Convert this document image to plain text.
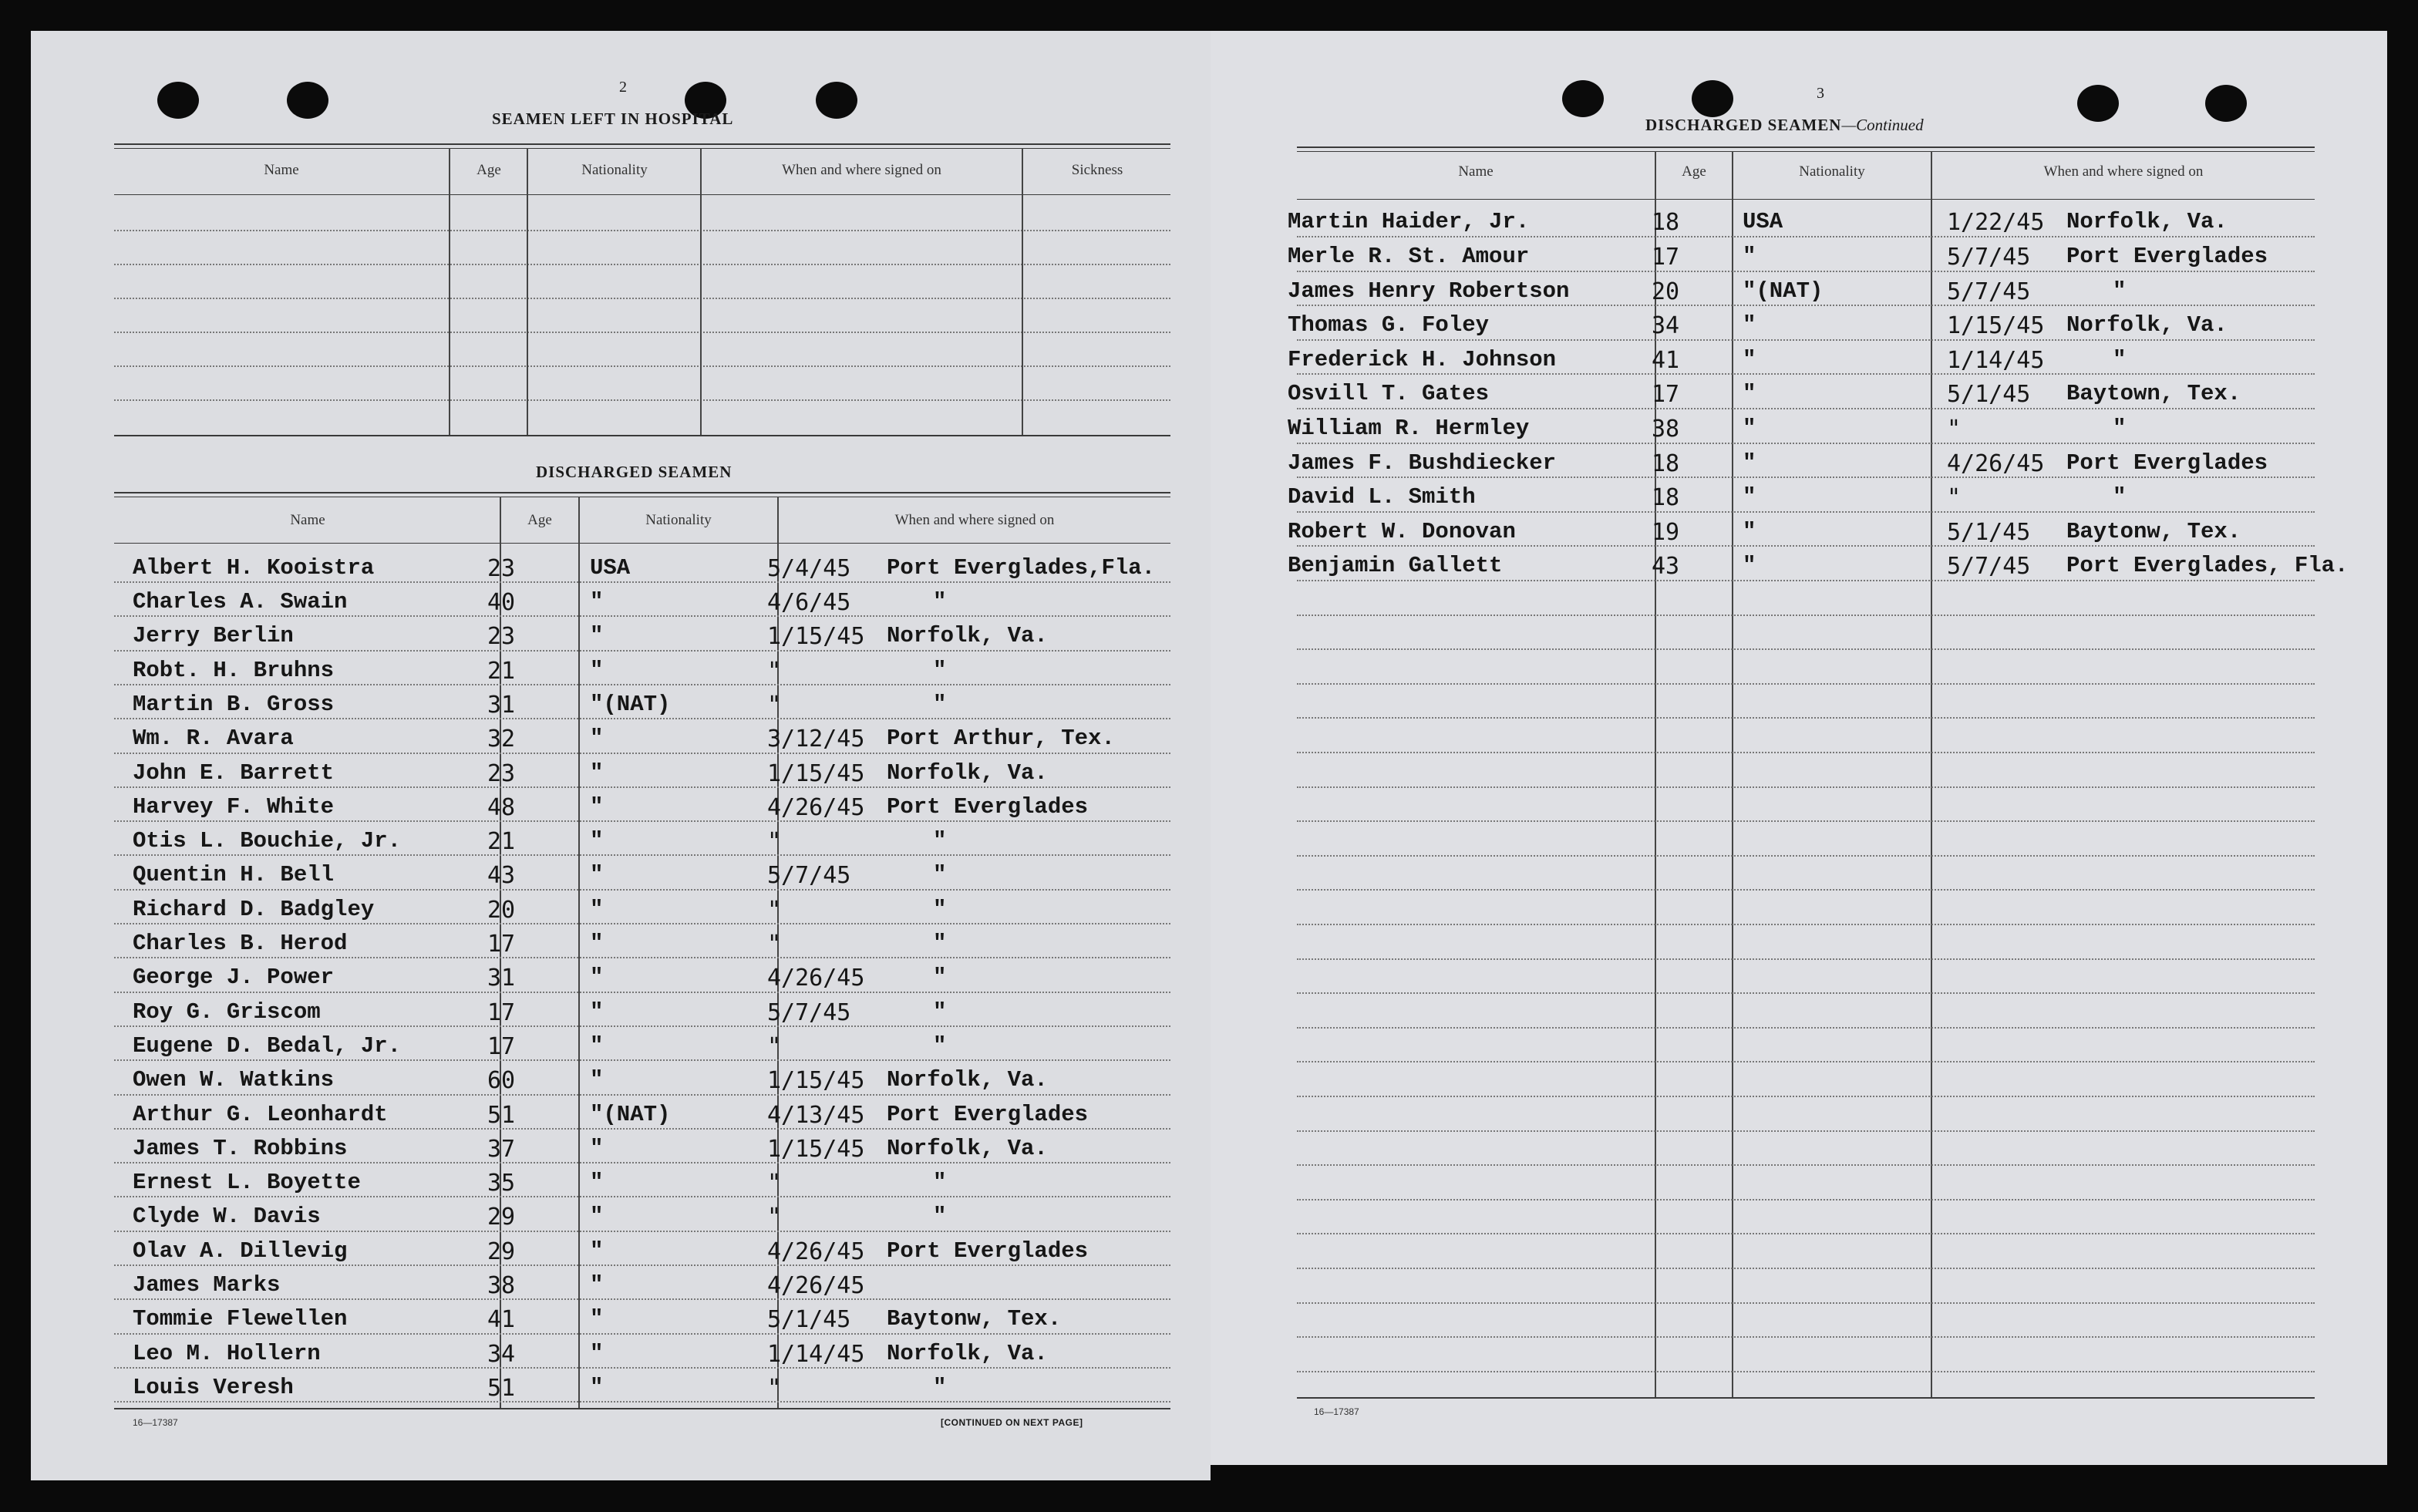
2
SEAMEN LEFT IN HOSPITAL
Name	Age	Nationality	When and where signed on	Sickness
DISCHARGED SEAMEN
Name	Age	Nationality	When and where signed on
Albert H. Kooistra	23	USA	5/4/45 Port Everglades,Fla.
Charles A. Swain	40	"	4/6/45	"
Jerry Berlin	23	"	1/15/45 Norfolk, Va.
Robt. H. Bruhns	21	"	"	"
Martin B. Gross	31	"(NAT)	"	"
Wm. R. Avara	32	"	3/12/45 Port Arthur, Tex.
John E. Barrett	23	"	1/15/45 Norfolk, Va.
Harvey F. White	48	"	4/26/45 Port Everglades
Otis L. Bouchie, Jr.	21	"	"	"
Quentin H. Bell	43	"	5/7/45	"
Richard D. Badgley	20	"	"	"
Charles B. Herod	17	"	"	"
George J. Power	31	"	4/26/45	"
Roy G. Griscom	17	"	5/7/45	"
Eugene D. Bedal, Jr.	17	"	"	"
Owen W. Watkins	60	"	1/15/45 Norfolk, Va.
Arthur G. Leonhardt	51	"(NAT)	4/13/45 Port Everglades
James T. Robbins	37	"	1/15/45 Norfolk, Va.
Ernest L. Boyette	35	"	"	"
Clyde W. Davis	29	"	"	"
Olav A. Dillevig	29	"	4/26/45 Port Everglades
James Marks	38	"	4/26/45
Tommie Flewellen	41	"	5/1/45 Baytonw, Tex.
Leo M. Hollern	34	"	1/14/45 Norfolk, Va.
Louis Veresh	51	"	"	"
16—17387	[CONTINUED ON NEXT PAGE]
3
DISCHARGED SEAMEN—Continued
Name	Age	Nationality	When and where signed on
Martin Haider, Jr.	18	USA	1/22/45 Norfolk, Va.
Merle R. St. Amour	17	"	5/7/45 Port Everglades
James Henry Robertson	20	"(NAT)	5/7/45	"
Thomas G. Foley	34	"	1/15/45 Norfolk, Va.
Frederick H. Johnson	41	"	1/14/45	"
Osvill T. Gates	17	"	5/1/45 Baytown, Tex.
William R. Hermley	38	"	"	"
James F. Bushdiecker	18	"	4/26/45 Port Everglades
David L. Smith	18	"	"	"
Robert W. Donovan	19	"	5/1/45 Baytonw, Tex.
Benjamin Gallett	43	"	5/7/45 Port Everglades, Fla.
16—17387
